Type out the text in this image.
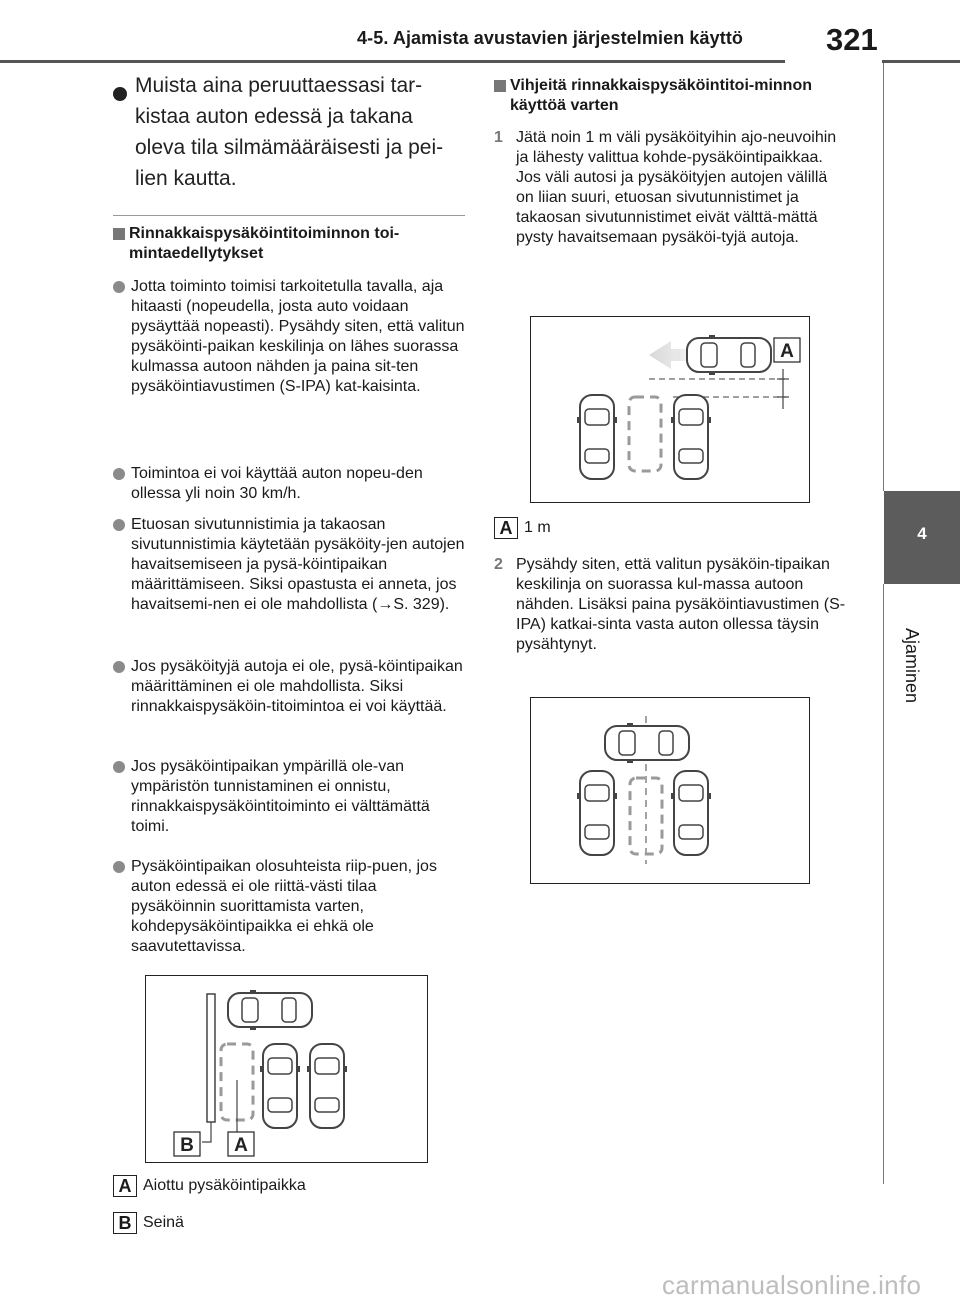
4-5. Ajamista avustavien järjestelmien käyttö	321
4
Ajaminen
Muista aina peruuttaessasi tar-kistaa auton edessä ja takana oleva tila silmämääräisesti ja pei-lien kautta.
Rinnakkaispysäköintitoiminnon toi-mintaedellytykset
Jotta toiminto toimisi tarkoitetulla tavalla, aja hitaasti (nopeudella, josta auto voidaan pysäyttää nopeasti). Pysähdy siten, että valitun pysäköinti-paikan keskilinja on lähes suorassa kulmassa autoon nähden ja paina sit-ten pysäköintiavustimen (S-IPA) kat-kaisinta.
Toimintoa ei voi käyttää auton nopeu-den ollessa yli noin 30 km/h.
Etuosan sivutunnistimia ja takaosan sivutunnistimia käytetään pysäköity-jen autojen havaitsemiseen ja pysä-köintipaikan määrittämiseen. Siksi opastusta ei anneta, jos havaitsemi-nen ei ole mahdollista (→S. 329).
Jos pysäköityjä autoja ei ole, pysä-köintipaikan määrittäminen ei ole mahdollista. Siksi rinnakkaispysäköin-titoimintoa ei voi käyttää.
Jos pysäköintipaikan ympärillä ole-van ympäristön tunnistaminen ei onnistu, rinnakkaispysäköintitoiminto ei välttämättä toimi.
Pysäköintipaikan olosuhteista riip-puen, jos auton edessä ei ole riittä-västi tilaa pysäköinnin suorittamista varten, kohdepysäköintipaikka ei ehkä ole saavutettavissa.
B A
A Aiottu pysäköintipaikka
B Seinä
Vihjeitä rinnakkaispysäköintitoi-minnon käyttöä varten
1 Jätä noin 1 m väli pysäköityihin ajo-neuvoihin ja lähesty valittua kohde-pysäköintipaikkaa. Jos väli autosi ja pysäköityjen autojen välillä on liian suuri, etuosan sivutunnistimet ja takaosan sivutunnistimet eivät välttä-mättä pysty havaitsemaan pysäköi-tyjä autoja.
A
A 1 m
2 Pysähdy siten, että valitun pysäköin-tipaikan keskilinja on suorassa kul-massa autoon nähden. Lisäksi paina pysäköintiavustimen (S-IPA) katkai-sinta vasta auton ollessa täysin pysähtynyt.
carmanualsonline.info
